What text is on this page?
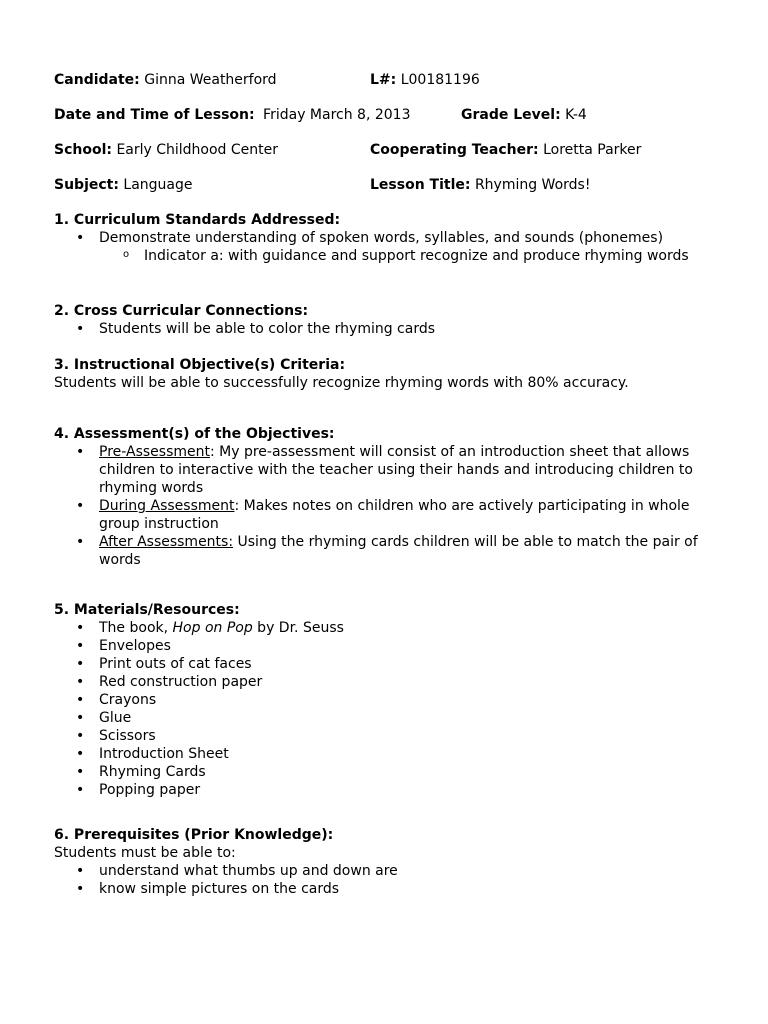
Candidate: Ginna Weatherford	L#: L00181196
Date and Time of Lesson: Friday March 8, 2013	Grade Level: K-4
School: Early Childhood Center	Cooperating Teacher: Loretta Parker
Subject: Language	Lesson Title: Rhyming Words!
1. Curriculum Standards Addressed:
• Demonstrate understanding of spoken words, syllables, and sounds (phonemes)
o Indicator a: with guidance and support recognize and produce rhyming words
2. Cross Curricular Connections:
• Students will be able to color the rhyming cards
3. Instructional Objective(s) Criteria:
Students will be able to successfully recognize rhyming words with 80% accuracy.
4. Assessment(s) of the Objectives:
• Pre-Assessment: My pre-assessment will consist of an introduction sheet that allows children to interactive with the teacher using their hands and introducing children to rhyming words
• During Assessment: Makes notes on children who are actively participating in whole group instruction
• After Assessments: Using the rhyming cards children will be able to match the pair of words
5. Materials/Resources:
• The book, Hop on Pop by Dr. Seuss
• Envelopes
• Print outs of cat faces
• Red construction paper
• Crayons
• Glue
• Scissors
• Introduction Sheet
• Rhyming Cards
• Popping paper
6. Prerequisites (Prior Knowledge):
Students must be able to:
• understand what thumbs up and down are
• know simple pictures on the cards
